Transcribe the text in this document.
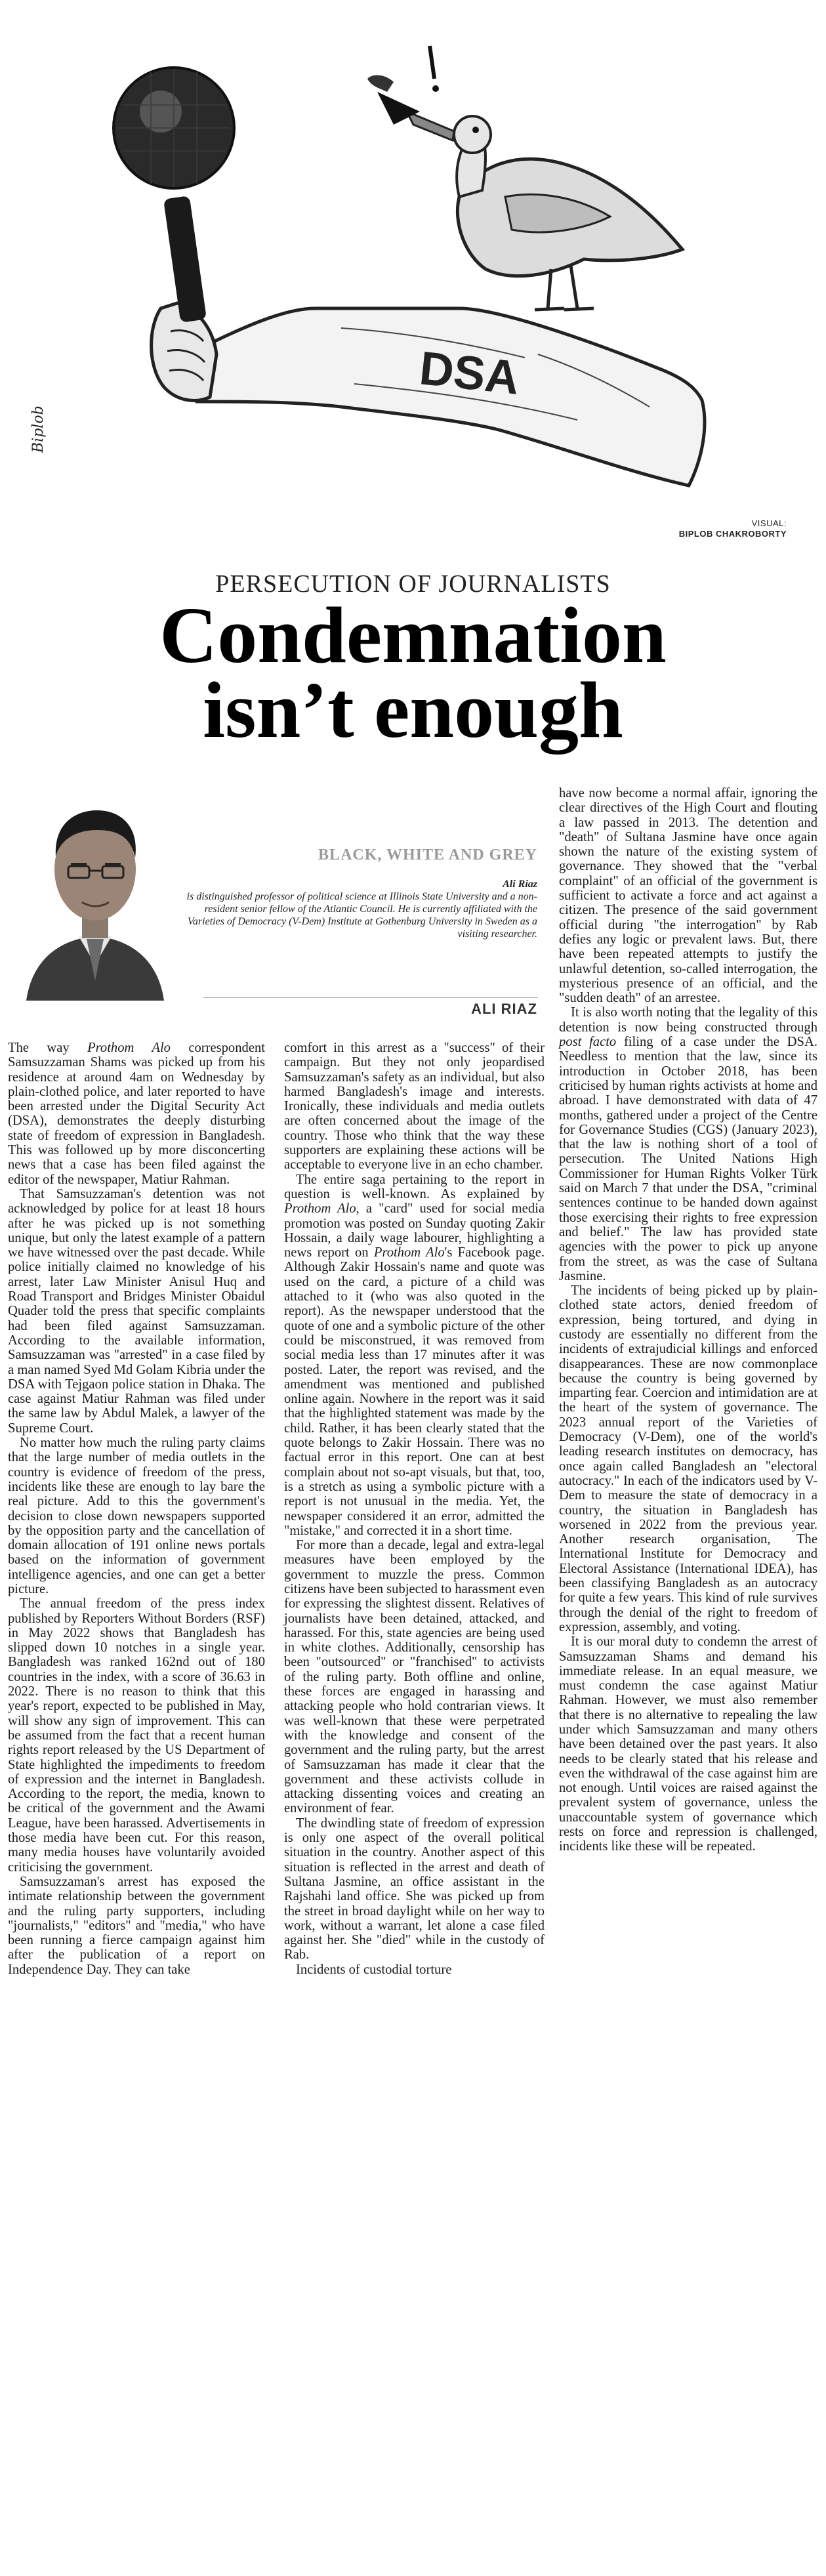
DSA
Biplob
VISUAL:
BIPLOB CHAKROBORTY
PERSECUTION OF JOURNALISTS
Condemnation
isn’t enough
BLACK, WHITE AND GREY
Ali Riaz
is distinguished professor of political science at Illinois State University and a non-resident senior fellow of the Atlantic Council. He is currently affiliated with the Varieties of Democracy (V-Dem) Institute at Gothenburg University in Sweden as a visiting researcher.
ALI RIAZ

The way Prothom Alo correspondent Samsuzzaman Shams was picked up from his residence at around 4am on Wednesday by plain-clothed police, and later reported to have been arrested under the Digital Security Act (DSA), demonstrates the deeply disturbing state of freedom of expression in Bangladesh. This was followed up by more disconcerting news that a case has been filed against the editor of the newspaper, Matiur Rahman.

That Samsuzzaman's detention was not acknowledged by police for at least 18 hours after he was picked up is not something unique, but only the latest example of a pattern we have witnessed over the past decade. While police initially claimed no knowledge of his arrest, later Law Minister Anisul Huq and Road Transport and Bridges Minister Obaidul Quader told the press that specific complaints had been filed against Samsuzzaman. According to the available information, Samsuzzaman was "arrested" in a case filed by a man named Syed Md Golam Kibria under the DSA with Tejgaon police station in Dhaka. The case against Matiur Rahman was filed under the same law by Abdul Malek, a lawyer of the Supreme Court.

No matter how much the ruling party claims that the large number of media outlets in the country is evidence of freedom of the press, incidents like these are enough to lay bare the real picture. Add to this the government's decision to close down newspapers supported by the opposition party and the cancellation of domain allocation of 191 online news portals based on the information of government intelligence agencies, and one can get a better picture.

The annual freedom of the press index published by Reporters Without Borders (RSF) in May 2022 shows that Bangladesh has slipped down 10 notches in a single year. Bangladesh was ranked 162nd out of 180 countries in the index, with a score of 36.63 in 2022. There is no reason to think that this year's report, expected to be published in May, will show any sign of improvement. This can be assumed from the fact that a recent human rights report released by the US Department of State highlighted the impediments to freedom of expression and the internet in Bangladesh. According to the report, the media, known to be critical of the government and the Awami League, have been harassed. Advertisements in those media have been cut. For this reason, many media houses have voluntarily avoided criticising the government.

Samsuzzaman's arrest has exposed the intimate relationship between the government and the ruling party supporters, including "journalists," "editors" and "media," who have been running a fierce campaign against him after the publication of a report on Independence Day. They can take

comfort in this arrest as a "success" of their campaign. But they not only jeopardised Samsuzzaman's safety as an individual, but also harmed Bangladesh's image and interests. Ironically, these individuals and media outlets are often concerned about the image of the country. Those who think that the way these supporters are explaining these actions will be acceptable to everyone live in an echo chamber.

The entire saga pertaining to the report in question is well-known. As explained by Prothom Alo, a "card" used for social media promotion was posted on Sunday quoting Zakir Hossain, a daily wage labourer, highlighting a news report on Prothom Alo's Facebook page. Although Zakir Hossain's name and quote was used on the card, a picture of a child was attached to it (who was also quoted in the report). As the newspaper understood that the quote of one and a symbolic picture of the other could be misconstrued, it was removed from social media less than 17 minutes after it was posted. Later, the report was revised, and the amendment was mentioned and published online again. Nowhere in the report was it said that the highlighted statement was made by the child. Rather, it has been clearly stated that the quote belongs to Zakir Hossain. There was no factual error in this report. One can at best complain about not so-apt visuals, but that, too, is a stretch as using a symbolic picture with a report is not unusual in the media. Yet, the newspaper considered it an error, admitted the "mistake," and corrected it in a short time.

For more than a decade, legal and extra-legal measures have been employed by the government to muzzle the press. Common citizens have been subjected to harassment even for expressing the slightest dissent. Relatives of journalists have been detained, attacked, and harassed. For this, state agencies are being used in white clothes. Additionally, censorship has been "outsourced" or "franchised" to activists of the ruling party. Both offline and online, these forces are engaged in harassing and attacking people who hold contrarian views. It was well-known that these were perpetrated with the knowledge and consent of the government and the ruling party, but the arrest of Samsuzzaman has made it clear that the government and these activists collude in attacking dissenting voices and creating an environment of fear.

The dwindling state of freedom of expression is only one aspect of the overall political situation in the country. Another aspect of this situation is reflected in the arrest and death of Sultana Jasmine, an office assistant in the Rajshahi land office. She was picked up from the street in broad daylight while on her way to work, without a warrant, let alone a case filed against her. She "died" while in the custody of Rab.

Incidents of custodial torture

have now become a normal affair, ignoring the clear directives of the High Court and flouting a law passed in 2013. The detention and "death" of Sultana Jasmine have once again shown the nature of the existing system of governance. They showed that the "verbal complaint" of an official of the government is sufficient to activate a force and act against a citizen. The presence of the said government official during "the interrogation" by Rab defies any logic or prevalent laws. But, there have been repeated attempts to justify the unlawful detention, so-called interrogation, the mysterious presence of an official, and the "sudden death" of an arrestee.

It is also worth noting that the legality of this detention is now being constructed through post facto filing of a case under the DSA. Needless to mention that the law, since its introduction in October 2018, has been criticised by human rights activists at home and abroad. I have demonstrated with data of 47 months, gathered under a project of the Centre for Governance Studies (CGS) (January 2023), that the law is nothing short of a tool of persecution. The United Nations High Commissioner for Human Rights Volker Türk said on March 7 that under the DSA, "criminal sentences continue to be handed down against those exercising their rights to free expression and belief." The law has provided state agencies with the power to pick up anyone from the street, as was the case of Sultana Jasmine.

The incidents of being picked up by plain-clothed state actors, denied freedom of expression, being tortured, and dying in custody are essentially no different from the incidents of extrajudicial killings and enforced disappearances. These are now commonplace because the country is being governed by imparting fear. Coercion and intimidation are at the heart of the system of governance. The 2023 annual report of the Varieties of Democracy (V-Dem), one of the world's leading research institutes on democracy, has once again called Bangladesh an "electoral autocracy." In each of the indicators used by V-Dem to measure the state of democracy in a country, the situation in Bangladesh has worsened in 2022 from the previous year. Another research organisation, The International Institute for Democracy and Electoral Assistance (International IDEA), has been classifying Bangladesh as an autocracy for quite a few years. This kind of rule survives through the denial of the right to freedom of expression, assembly, and voting.

It is our moral duty to condemn the arrest of Samsuzzaman Shams and demand his immediate release. In an equal measure, we must condemn the case against Matiur Rahman. However, we must also remember that there is no alternative to repealing the law under which Samsuzzaman and many others have been detained over the past years. It also needs to be clearly stated that his release and even the withdrawal of the case against him are not enough. Until voices are raised against the prevalent system of governance, unless the unaccountable system of governance which rests on force and repression is challenged, incidents like these will be repeated.
